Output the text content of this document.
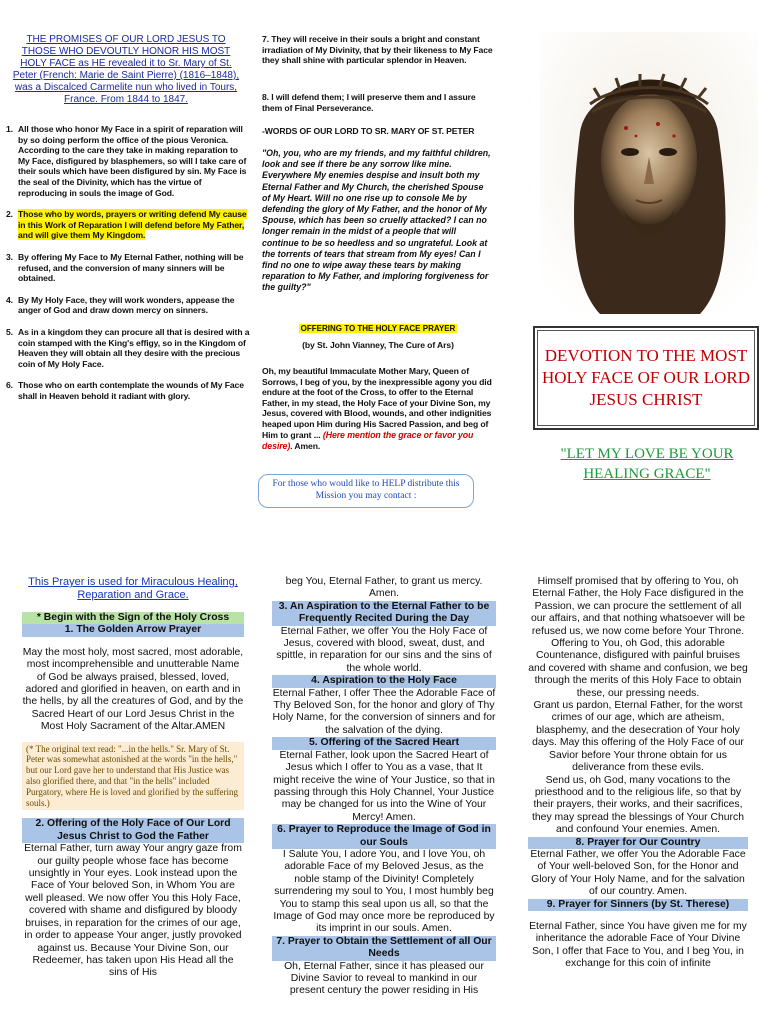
THE PROMISES OF OUR LORD JESUS TO THOSE WHO DEVOUTLY HONOR HIS MOST HOLY FACE as HE revealed it to Sr. Mary of St. Peter (French: Marie de Saint Pierre) (1816–1848), was a Discalced Carmelite nun who lived in Tours, France. From 1844 to 1847.
1. All those who honor My Face in a spirit of reparation will by so doing perform the office of the pious Veronica. According to the care they take in making reparation to My Face, disfigured by blasphemers, so will I take care of their souls which have been disfigured by sin. My Face is the seal of the Divinity, which has the virtue of reproducing in souls the image of God.
2. Those who by words, prayers or writing defend My cause in this Work of Reparation I will defend before My Father, and will give them My Kingdom.
3. By offering My Face to My Eternal Father, nothing will be refused, and the conversion of many sinners will be obtained.
4. By My Holy Face, they will work wonders, appease the anger of God and draw down mercy on sinners.
5. As in a kingdom they can procure all that is desired with a coin stamped with the King's effigy, so in the Kingdom of Heaven they will obtain all they desire with the precious coin of My Holy Face.
6. Those who on earth contemplate the wounds of My Face shall in Heaven behold it radiant with glory.
7. They will receive in their souls a bright and constant irradiation of My Divinity, that by their likeness to My Face they shall shine with particular splendor in Heaven.
8. I will defend them; I will preserve them and I assure them of Final Perseverance.
-WORDS OF OUR LORD TO SR. MARY OF ST. PETER
"Oh, you, who are my friends, and my faithful children, look and see if there be any sorrow like mine. Everywhere My enemies despise and insult both my Eternal Father and My Church, the cherished Spouse of My Heart. Will no one rise up to console Me by defending the glory of My Father, and the honor of My Spouse, which has been so cruelly attacked? I can no longer remain in the midst of a people that will continue to be so heedless and so ungrateful. Look at the torrents of tears that stream from My eyes! Can I find no one to wipe away these tears by making reparation to My Father, and imploring forgiveness for the guilty?"
OFFERING TO THE HOLY FACE PRAYER
(by St. John Vianney, The Cure of Ars)
Oh, my beautiful Immaculate Mother Mary, Queen of Sorrows, I beg of you, by the inexpressible agony you did endure at the foot of the Cross, to offer to the Eternal Father, in my stead, the Holy Face of your Divine Son, my Jesus, covered with Blood, wounds, and other indignities heaped upon Him during His Sacred Passion, and beg of Him to grant ... (Here mention the grace or favor you desire). Amen.
For those who would like to HELP distribute this Mission you may contact :
DEVOTION TO THE MOST HOLY FACE OF OUR LORD JESUS CHRIST
"LET MY LOVE BE YOUR HEALING GRACE"
This Prayer is used for Miraculous Healing, Reparation and Grace.
* Begin with the Sign of the Holy Cross
1. The Golden Arrow Prayer
May the most holy, most sacred, most adorable, most incomprehensible and unutterable Name of God be always praised, blessed, loved, adored and glorified in heaven, on earth and in the hells, by all the creatures of God, and by the Sacred Heart of our Lord Jesus Christ in the Most Holy Sacrament of the Altar.AMEN
(* The original text read: "...in the hells." Sr. Mary of St. Peter was somewhat astonished at the words "in the hells," but our Lord gave her to understand that His Justice was also glorified there, and that "in the hells" included Purgatory, where He is loved and glorified by the suffering souls.)
2. Offering of the Holy Face of Our Lord Jesus Christ to God the Father
Eternal Father, turn away Your angry gaze from our guilty people whose face has become unsightly in Your eyes. Look instead upon the Face of Your beloved Son, in Whom You are well pleased. We now offer You this Holy Face, covered with shame and disfigured by bloody bruises, in reparation for the crimes of our age, in order to appease Your anger, justly provoked against us. Because Your Divine Son, our Redeemer, has taken upon His Head all the sins of His
beg You, Eternal Father, to grant us mercy. Amen.
3. An Aspiration to the Eternal Father to be Frequently Recited During the Day
Eternal Father, we offer You the Holy Face of Jesus, covered with blood, sweat, dust, and spittle, in reparation for our sins and the sins of the whole world.
4. Aspiration to the Holy Face
Eternal Father, I offer Thee the Adorable Face of Thy Beloved Son, for the honor and glory of Thy Holy Name, for the conversion of sinners and for the salvation of the dying.
5. Offering of the Sacred Heart
Eternal Father, look upon the Sacred Heart of Jesus which I offer to You as a vase, that It might receive the wine of Your Justice, so that in passing through this Holy Channel, Your Justice may be changed for us into the Wine of Your Mercy! Amen.
6. Prayer to Reproduce the Image of God in our Souls
I Salute You, I adore You, and I love You, oh adorable Face of my Beloved Jesus, as the noble stamp of the Divinity! Completely surrendering my soul to You, I most humbly beg You to stamp this seal upon us all, so that the Image of God may once more be reproduced by its imprint in our souls. Amen.
7. Prayer to Obtain the Settlement of all Our Needs
Oh, Eternal Father, since it has pleased our Divine Savior to reveal to mankind in our present century the power residing in His
Himself promised that by offering to You, oh Eternal Father, the Holy Face disfigured in the Passion, we can procure the settlement of all our affairs, and that nothing whatsoever will be refused us, we now come before Your Throne.
Offering to You, oh God, this adorable Countenance, disfigured with painful bruises and covered with shame and confusion, we beg through the merits of this Holy Face to obtain these, our pressing needs.
Grant us pardon, Eternal Father, for the worst crimes of our age, which are atheism, blasphemy, and the desecration of Your holy days. May this offering of the Holy Face of our Savior before Your throne obtain for us deliverance from these evils.
Send us, oh God, many vocations to the priesthood and to the religious life, so that by their prayers, their works, and their sacrifices, they may spread the blessings of Your Church and confound Your enemies. Amen.
8. Prayer for Our Country
Eternal Father, we offer You the Adorable Face of Your well-beloved Son, for the Honor and Glory of Your Holy Name, and for the salvation of our country. Amen.
9. Prayer for Sinners (by St. Therese)
Eternal Father, since You have given me for my inheritance the adorable Face of Your Divine Son, I offer that Face to You, and I beg You, in exchange for this coin of infinite
